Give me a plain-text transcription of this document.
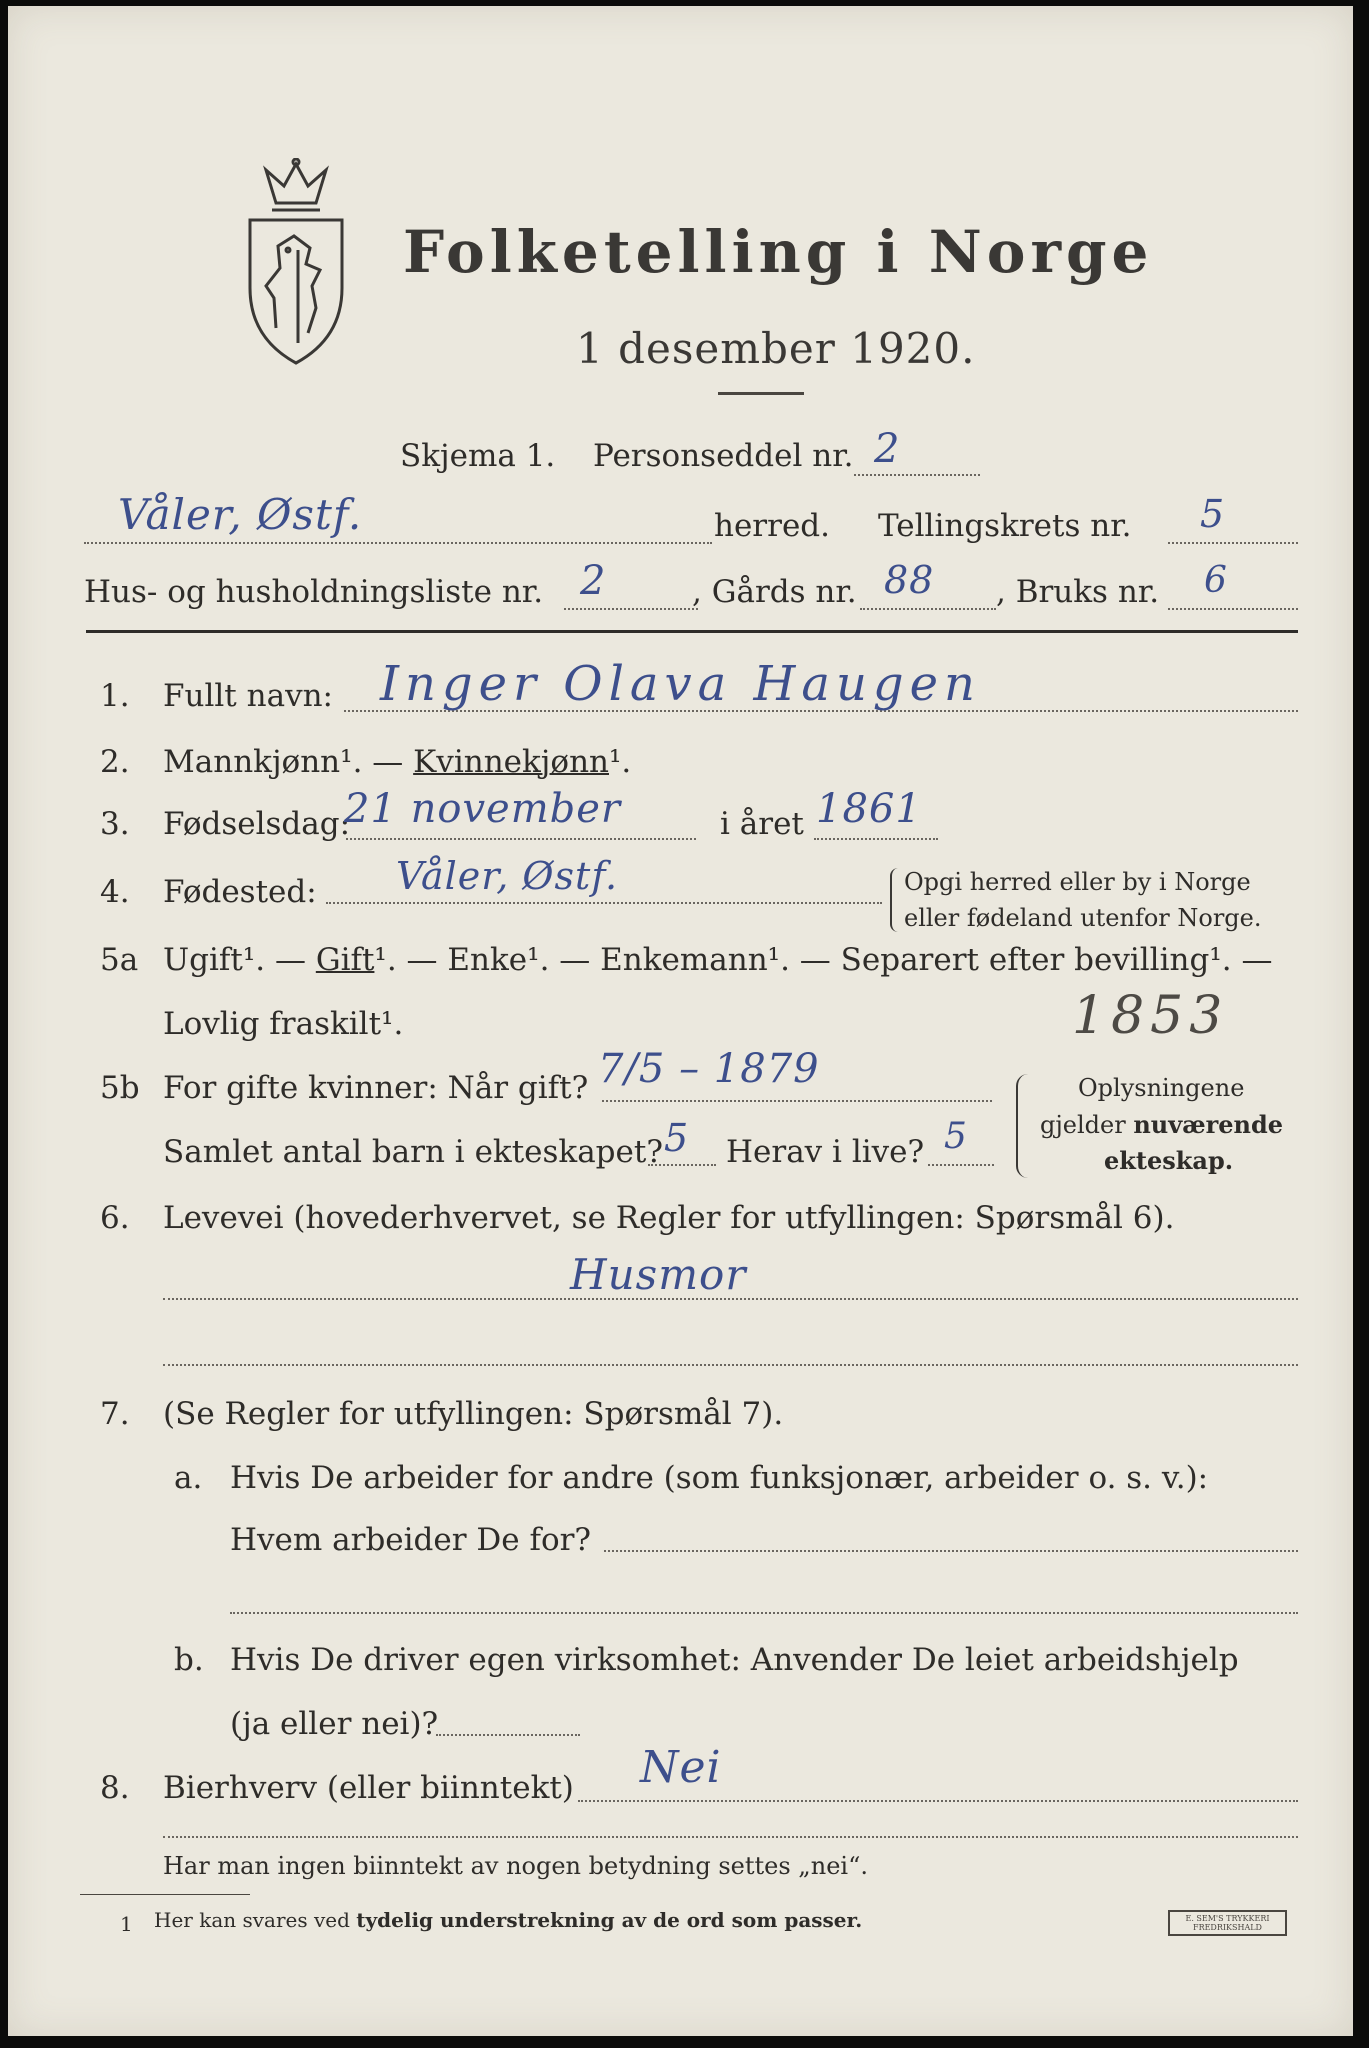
Folketelling i Norge
1 desember 1920.
Skjema 1. Personseddel nr. 2
Våler, Østf.	herred. Tellingskrets nr. 5
Hus- og husholdningsliste nr. 2	, Gårds nr. 88 , Bruks nr. 6
1. Fullt navn: Inger Olava Haugen
2. Mannkjønn¹. — Kvinnekjønn¹.
3. Fødselsdag:
21 november	i året 1861
4. Fødested: Våler, Østf.	Opgi herred eller by i Norge
eller fødeland utenfor Norge.
5a Ugift¹. — Gift¹. — Enke¹. — Enkemann¹. — Separert efter bevilling¹. —
Lovlig fraskilt¹.	1853
5b For gifte kvinner: Når gift? 7/5 – 1879
Samlet antal barn i ekteskapet? 5 Herav i live? 5
Oplysningene
gjelder nuværende
ekteskap.
6. Levevei (hovederhvervet, se Regler for utfyllingen: Spørsmål 6).
Husmor
7. (Se Regler for utfyllingen: Spørsmål 7).
a. Hvis De arbeider for andre (som funksjonær, arbeider o. s. v.):
Hvem arbeider De for?
b. Hvis De driver egen virksomhet: Anvender De leiet arbeidshjelp
(ja eller nei)?
8. Bierhverv (eller biinntekt) Nei
Har man ingen biinntekt av nogen betydning settes „nei“.
1 Her kan svares ved tydelig understrekning av de ord som passer.	E. SEM'S TRYKKERI FREDRIKSHALD
